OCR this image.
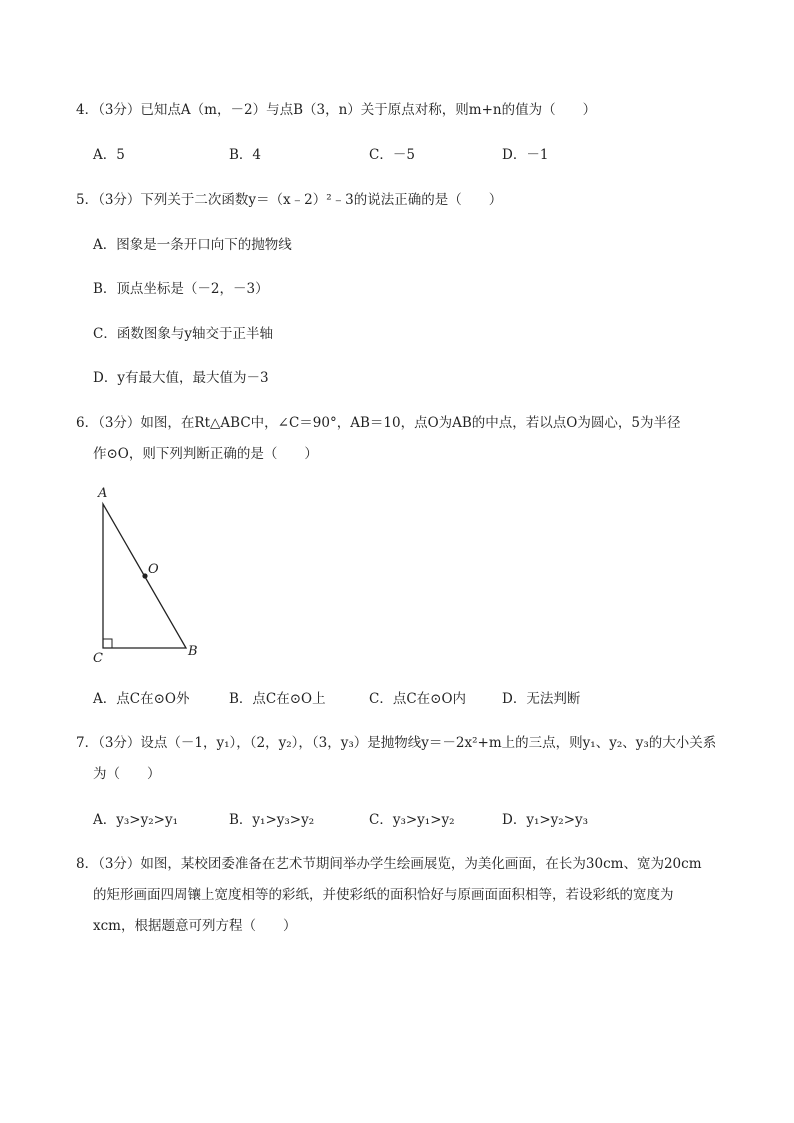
4．（3分）已知点A（m，－2）与点B（3，n）关于原点对称，则m+n的值为（　　）
A．5	B．4	C．－5	D．－1
5．（3分）下列关于二次函数y＝（x﹣2）²﹣3的说法正确的是（　　）
A．图象是一条开口向下的抛物线
B．顶点坐标是（－2，－3）
C．函数图象与y轴交于正半轴
D．y有最大值，最大值为－3
6．（3分）如图，在Rt△ABC中，∠C＝90°，AB＝10，点O为AB的中点，若以点O为圆心，5为半径
作⊙O，则下列判断正确的是（　　）
A
B
C
O
A．点C在⊙O外	B．点C在⊙O上	C．点C在⊙O内	D．无法判断
7．（3分）设点（－1，y₁），（2，y₂），（3，y₃）是抛物线y＝－2x²+m上的三点，则y₁、y₂、y₃的大小关系
为（　　）
A．y₃>y₂>y₁	B．y₁>y₃>y₂	C．y₃>y₁>y₂	D．y₁>y₂>y₃
8．（3分）如图，某校团委准备在艺术节期间举办学生绘画展览，为美化画面，在长为30cm、宽为20cm
的矩形画面四周镶上宽度相等的彩纸，并使彩纸的面积恰好与原画面面积相等，若设彩纸的宽度为
xcm，根据题意可列方程（　　）
